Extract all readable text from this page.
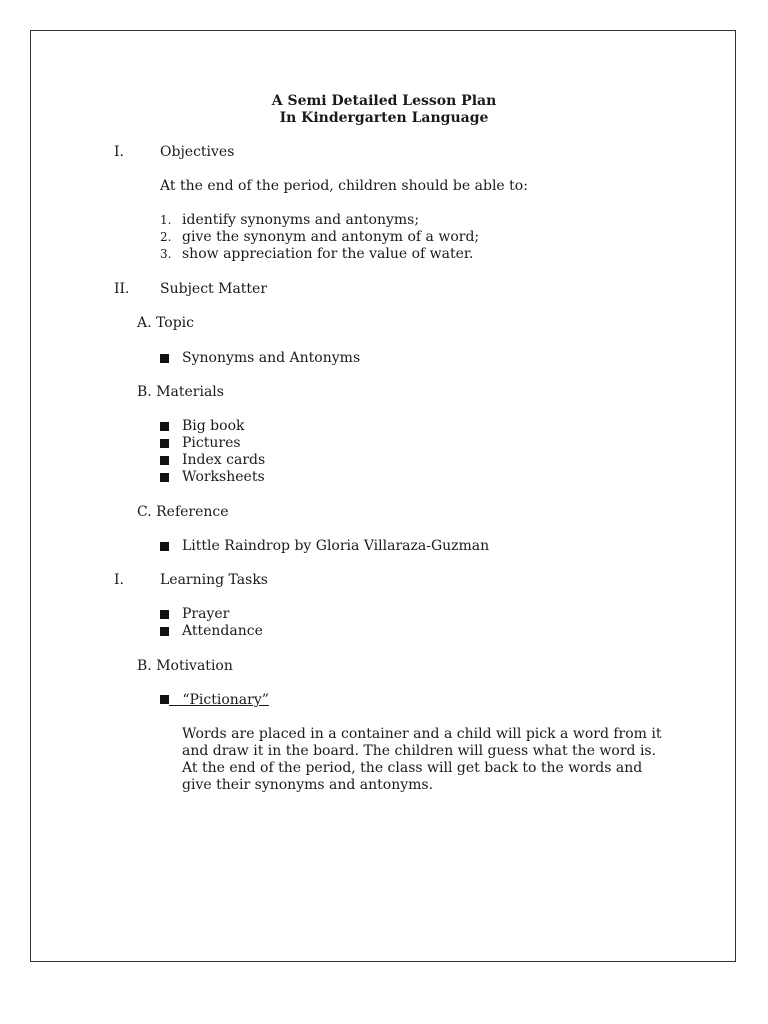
A Semi Detailed Lesson Plan
In Kindergarten Language
I.	Objectives
At the end of the period, children should be able to:
1. identify synonyms and antonyms;
2. give the synonym and antonym of a word;
3. show appreciation for the value of water.
II. Subject Matter
A. Topic
Synonyms and Antonyms
B. Materials
Big book
Pictures
Index cards
Worksheets
C. Reference
Little Raindrop by Gloria Villaraza-Guzman
I.	Learning Tasks
Prayer
Attendance
B. Motivation
“Pictionary”
Words are placed in a container and a child will pick a word from it and draw it in the board. The children will guess what the word is. At the end of the period, the class will get back to the words and give their synonyms and antonyms.
